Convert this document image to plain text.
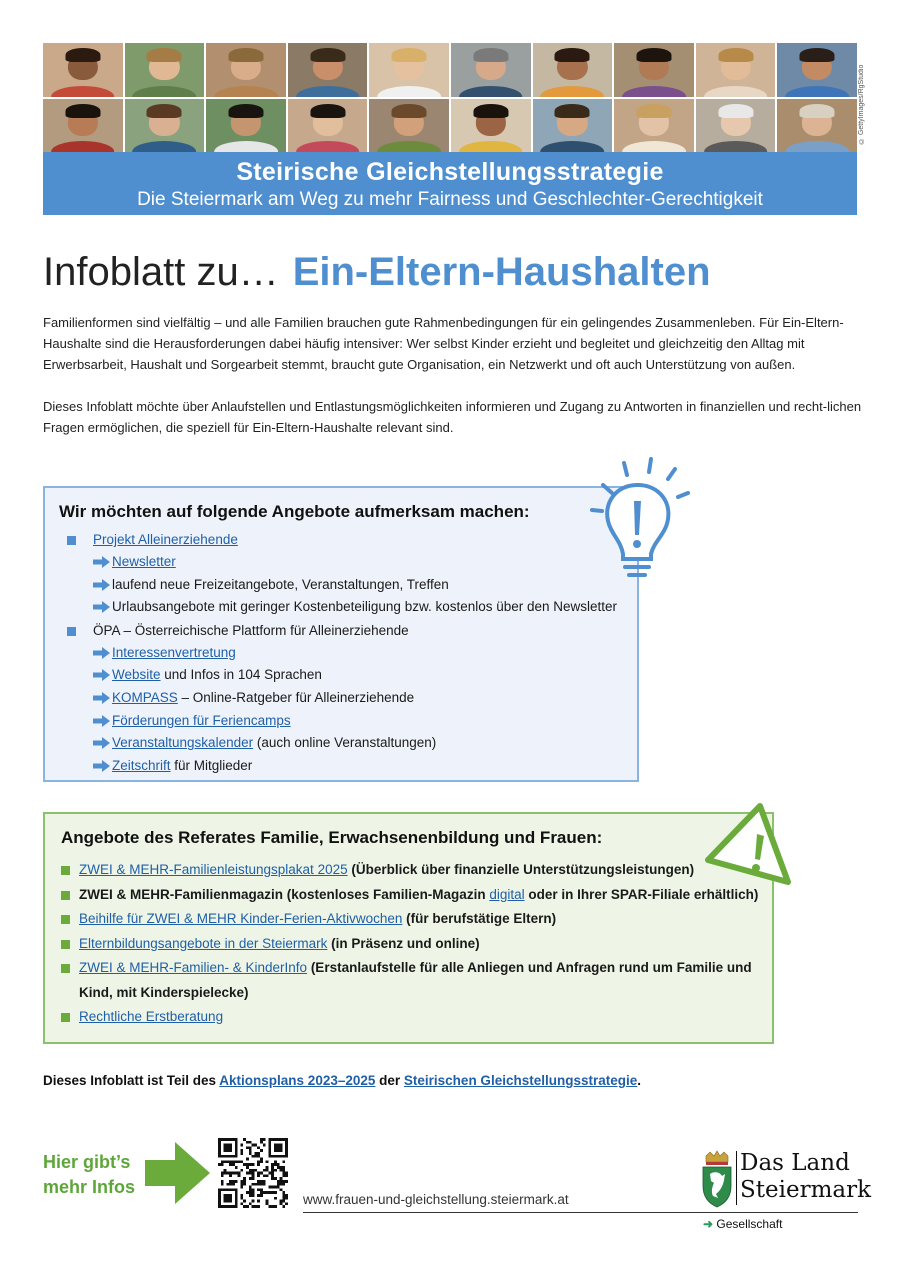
© GettyImages/RgStudio
Steirische Gleichstellungsstrategie
Die Steiermark am Weg zu mehr Fairness und Geschlechter-Gerechtigkeit
Infoblatt zu… Ein-Eltern-Haushalten

Familienformen sind vielfältig – und alle Familien brauchen gute Rahmenbedingungen für ein gelingendes Zusammenleben. Für Ein-Eltern-Haushalte sind die Herausforderungen dabei häufig intensiver: Wer selbst Kinder erzieht und begleitet und gleichzeitig den Alltag mit Erwerbsarbeit, Haushalt und Sorgearbeit stemmt, braucht gute Organisation, ein Netzwerkt und oft auch Unterstützung von außen.

Dieses Infoblatt möchte über Anlaufstellen und Entlastungsmöglichkeiten informieren und Zugang zu Antworten in finanziellen und recht-lichen Fragen ermöglichen, die speziell für Ein-Eltern-Haushalte relevant sind.

Wir möchten auf folgende Angebote aufmerksam machen:
Projekt Alleinerziehende
Newsletter
laufend neue Freizeitangebote, Veranstaltungen, Treffen
Urlaubsangebote mit geringer Kostenbeteiligung bzw. kostenlos über den Newsletter
ÖPA – Österreichische Plattform für Alleinerziehende
Interessenvertretung
Website und Infos in 104 Sprachen
KOMPASS – Online-Ratgeber für Alleinerziehende
Förderungen für Feriencamps
Veranstaltungskalender (auch online Veranstaltungen)
Zeitschrift für Mitglieder
Angebote des Referates Familie, Erwachsenenbildung und Frauen:
ZWEI & MEHR-Familienleistungsplakat 2025 (Überblick über finanzielle Unterstützungsleistungen)
ZWEI & MEHR-Familienmagazin (kostenloses Familien-Magazin digital oder in Ihrer SPAR-Filiale erhältlich)
Beihilfe für ZWEI & MEHR Kinder-Ferien-Aktivwochen (für berufstätige Eltern)
Elternbildungsangebote in der Steiermark (in Präsenz und online)
ZWEI & MEHR-Familien- & KinderInfo (Erstanlaufstelle für alle Anliegen und Anfragen rund um Familie und Kind, mit Kinderspielecke)
Rechtliche Erstberatung
Dieses Infoblatt ist Teil des Aktionsplans 2023–2025 der Steirischen Gleichstellungsstrategie.
Hier gibt’s
mehr Infos
www.frauen-und-gleichstellung.steiermark.at
Das Land
Steiermark
➜ Gesellschaft
